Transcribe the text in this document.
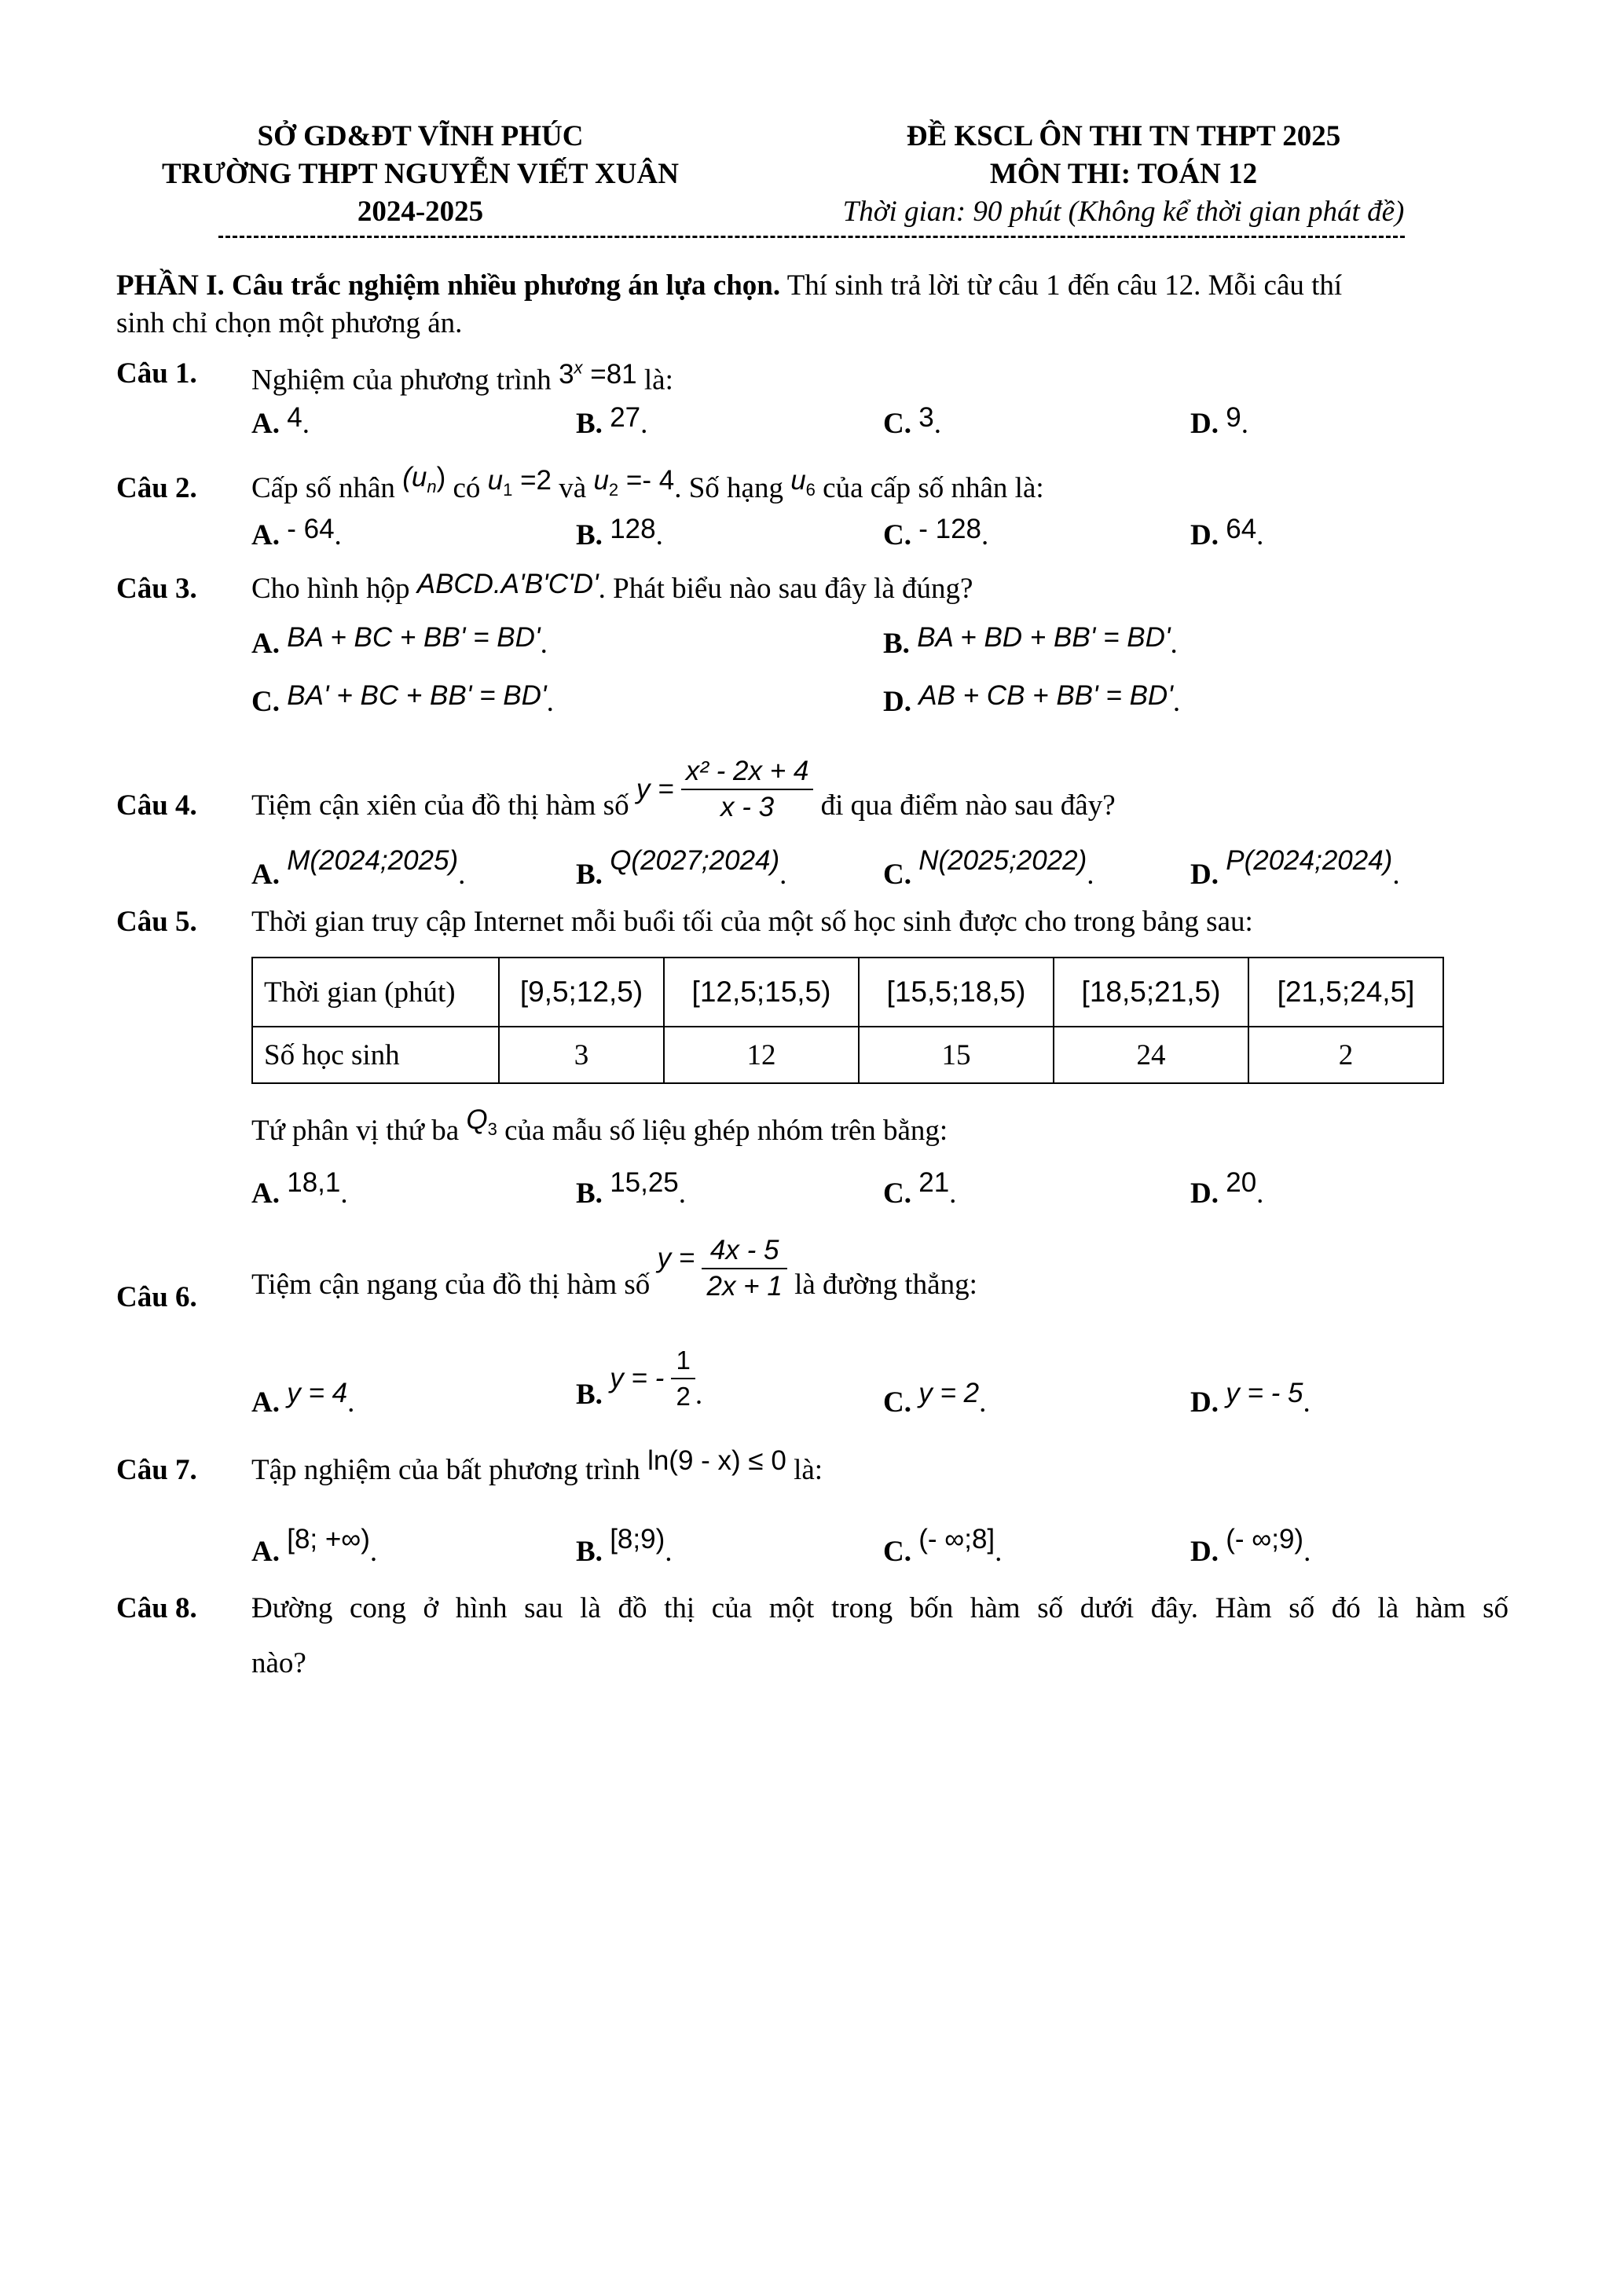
SỞ GD&ĐT VĨNH PHÚC
TRƯỜNG THPT NGUYỄN VIẾT XUÂN
2024-2025
ĐỀ KSCL ÔN THI TN THPT 2025
MÔN THI: TOÁN 12
Thời gian: 90 phút (Không kể thời gian phát đề)
PHẦN I. Câu trắc nghiệm nhiều phương án lựa chọn. Thí sinh trả lời từ câu 1 đến câu 12. Mỗi câu thí
sinh chỉ chọn một phương án.
Câu 1. Nghiệm của phương trình $3^x =81$ là:
A. 4.	B. 27.	C. 3.	D. 9.
Câu 2. Cấp số nhân $(u_n)$ có $u_1 =2$ và $u_2 =- 4$. Số hạng $u_6$ của cấp số nhân là:
A. - 64.	B. 128.	C. - 128.	D. 64.
Câu 3. Cho hình hộp ABCD.A'B'C'D'. Phát biểu nào sau đây là đúng?
A. BA + BC + BB' = BD'.	B. BA + BD + BB' = BD'.
C. BA' + BC + BB' = BD'.	D. AB + CB + BB' = BD'.
Câu 4. Tiệm cận xiên của đồ thị hàm số $y = \frac{\text{x² - 2x + 4}}{x - 3}$ đi qua điểm nào sau đây?
A. M(2024;2025).	B. Q(2027;2024).	C. N(2025;2022).	D. P(2024;2024).
Câu 5. Thời gian truy cập Internet mỗi buổi tối của một số học sinh được cho trong bảng sau:
Thời gian (phút)	[9,5;12,5)	[12,5;15,5)	[15,5;18,5)	[18,5;21,5)	[21,5;24,5]
Số học sinh	3	12	15	24	2
Tứ phân vị thứ ba $Q_3$ của mẫu số liệu ghép nhóm trên bằng:
A. 18,1.	B. 15,25.	C. 21.	D. 20.
Câu 6. Tiệm cận ngang của đồ thị hàm số $y = \frac{4x - 5}{2x + 1}$ là đường thẳng:
A. y = 4.	B. y = - $\frac{1}{2}$ .	C. y = 2.	D. y = - 5.
Câu 7. Tập nghiệm của bất phương trình ln(9 - x) ≤ 0 là:
A. [8; +∞).	B. [8;9).	C. (- ∞;8].	D. (- ∞;9).
Câu 8. Đường cong ở hình sau là đồ thị của một trong bốn hàm số dưới đây. Hàm số đó là hàm số
nào?
